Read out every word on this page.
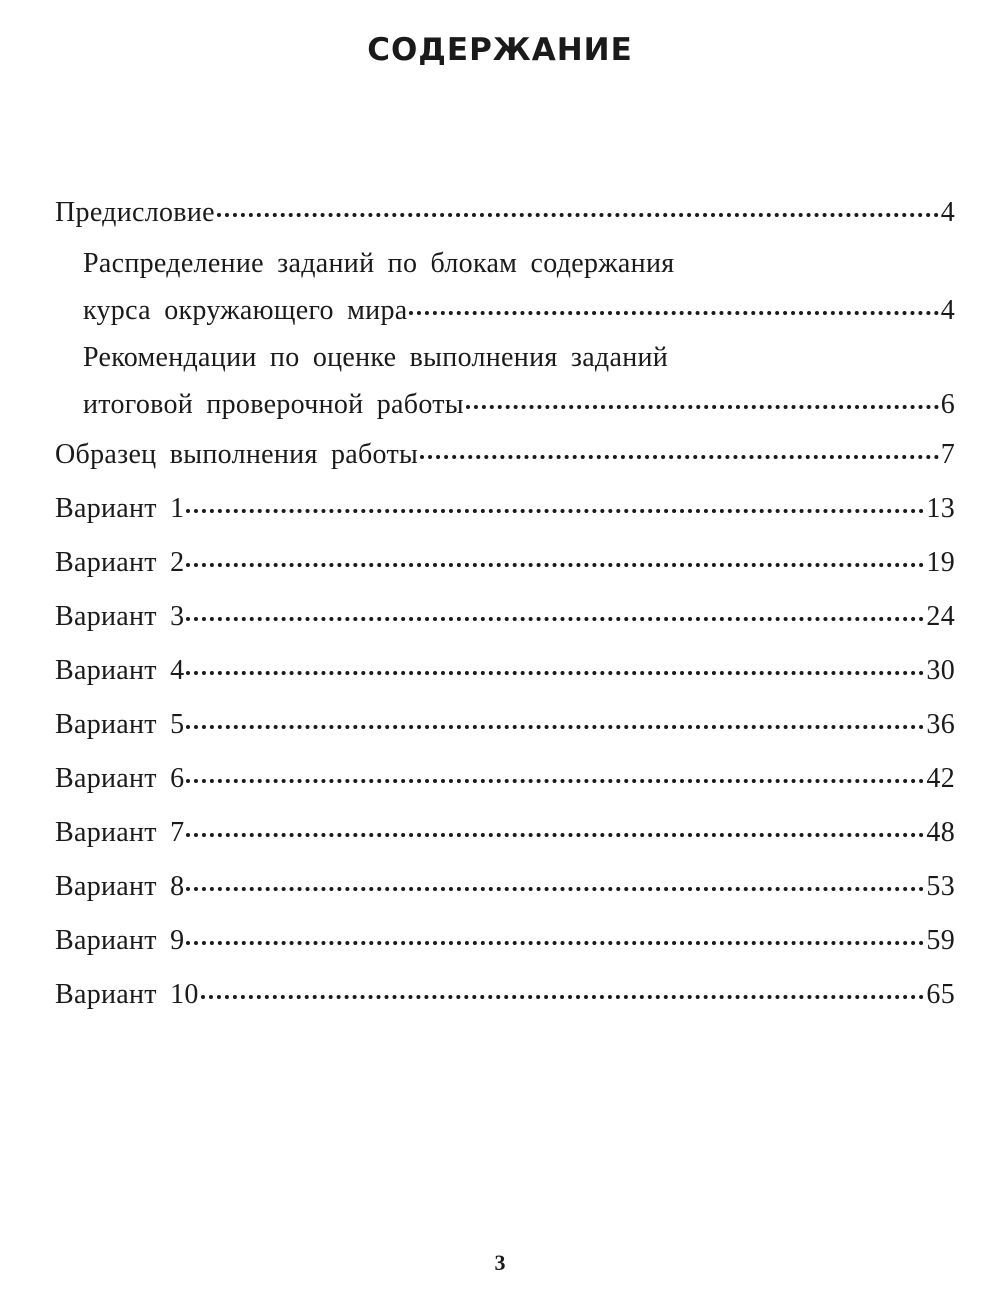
СОДЕРЖАНИЕ
Предисловие	4
Распределение заданий по блокам содержания
курса окружающего мира	4
Рекомендации по оценке выполнения заданий
итоговой проверочной работы	6
Образец выполнения работы	7
Вариант 1	13
Вариант 2	19
Вариант 3	24
Вариант 4	30
Вариант 5	36
Вариант 6	42
Вариант 7	48
Вариант 8	53
Вариант 9	59
Вариант 10	65

3
